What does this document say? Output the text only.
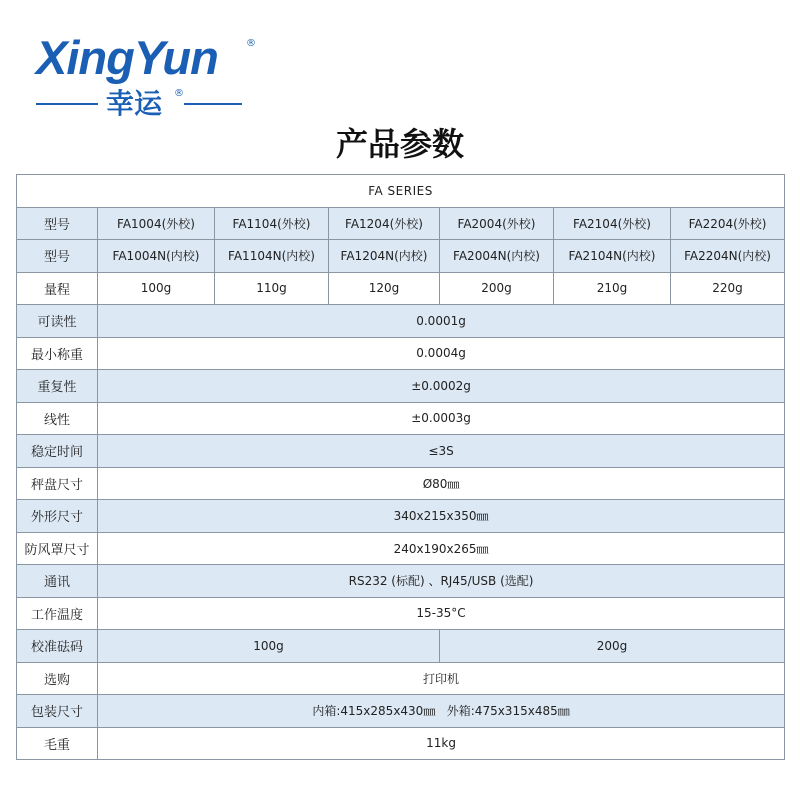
XingYun	®
幸运 ®
产品参数
FA SERIES						
型号	FA1004(外校)	FA1104(外校)	FA1204(外校)	FA2004(外校)	FA2104(外校)	FA2204(外校)
型号	FA1004N(内校)	FA1104N(内校)	FA1204N(内校)	FA2004N(内校)	FA2104N(内校)	FA2204N(内校)
量程	100g	110g	120g	200g	210g	220g
可读性	0.0001g					
最小称重	0.0004g					
重复性	±0.0002g					
线性	±0.0003g					
稳定时间	≤3S					
秤盘尺寸	Ø80㎜					
外形尺寸	340x215x350㎜					
防风罩尺寸	240x190x265㎜					
通讯	RS232 (标配) 、RJ45/USB (选配)					
工作温度	15-35°C					
校准砝码	100g			200g		
选购	打印机					
包装尺寸	内箱:415x285x430㎜   外箱:475x315x485㎜					
毛重	11kg					
